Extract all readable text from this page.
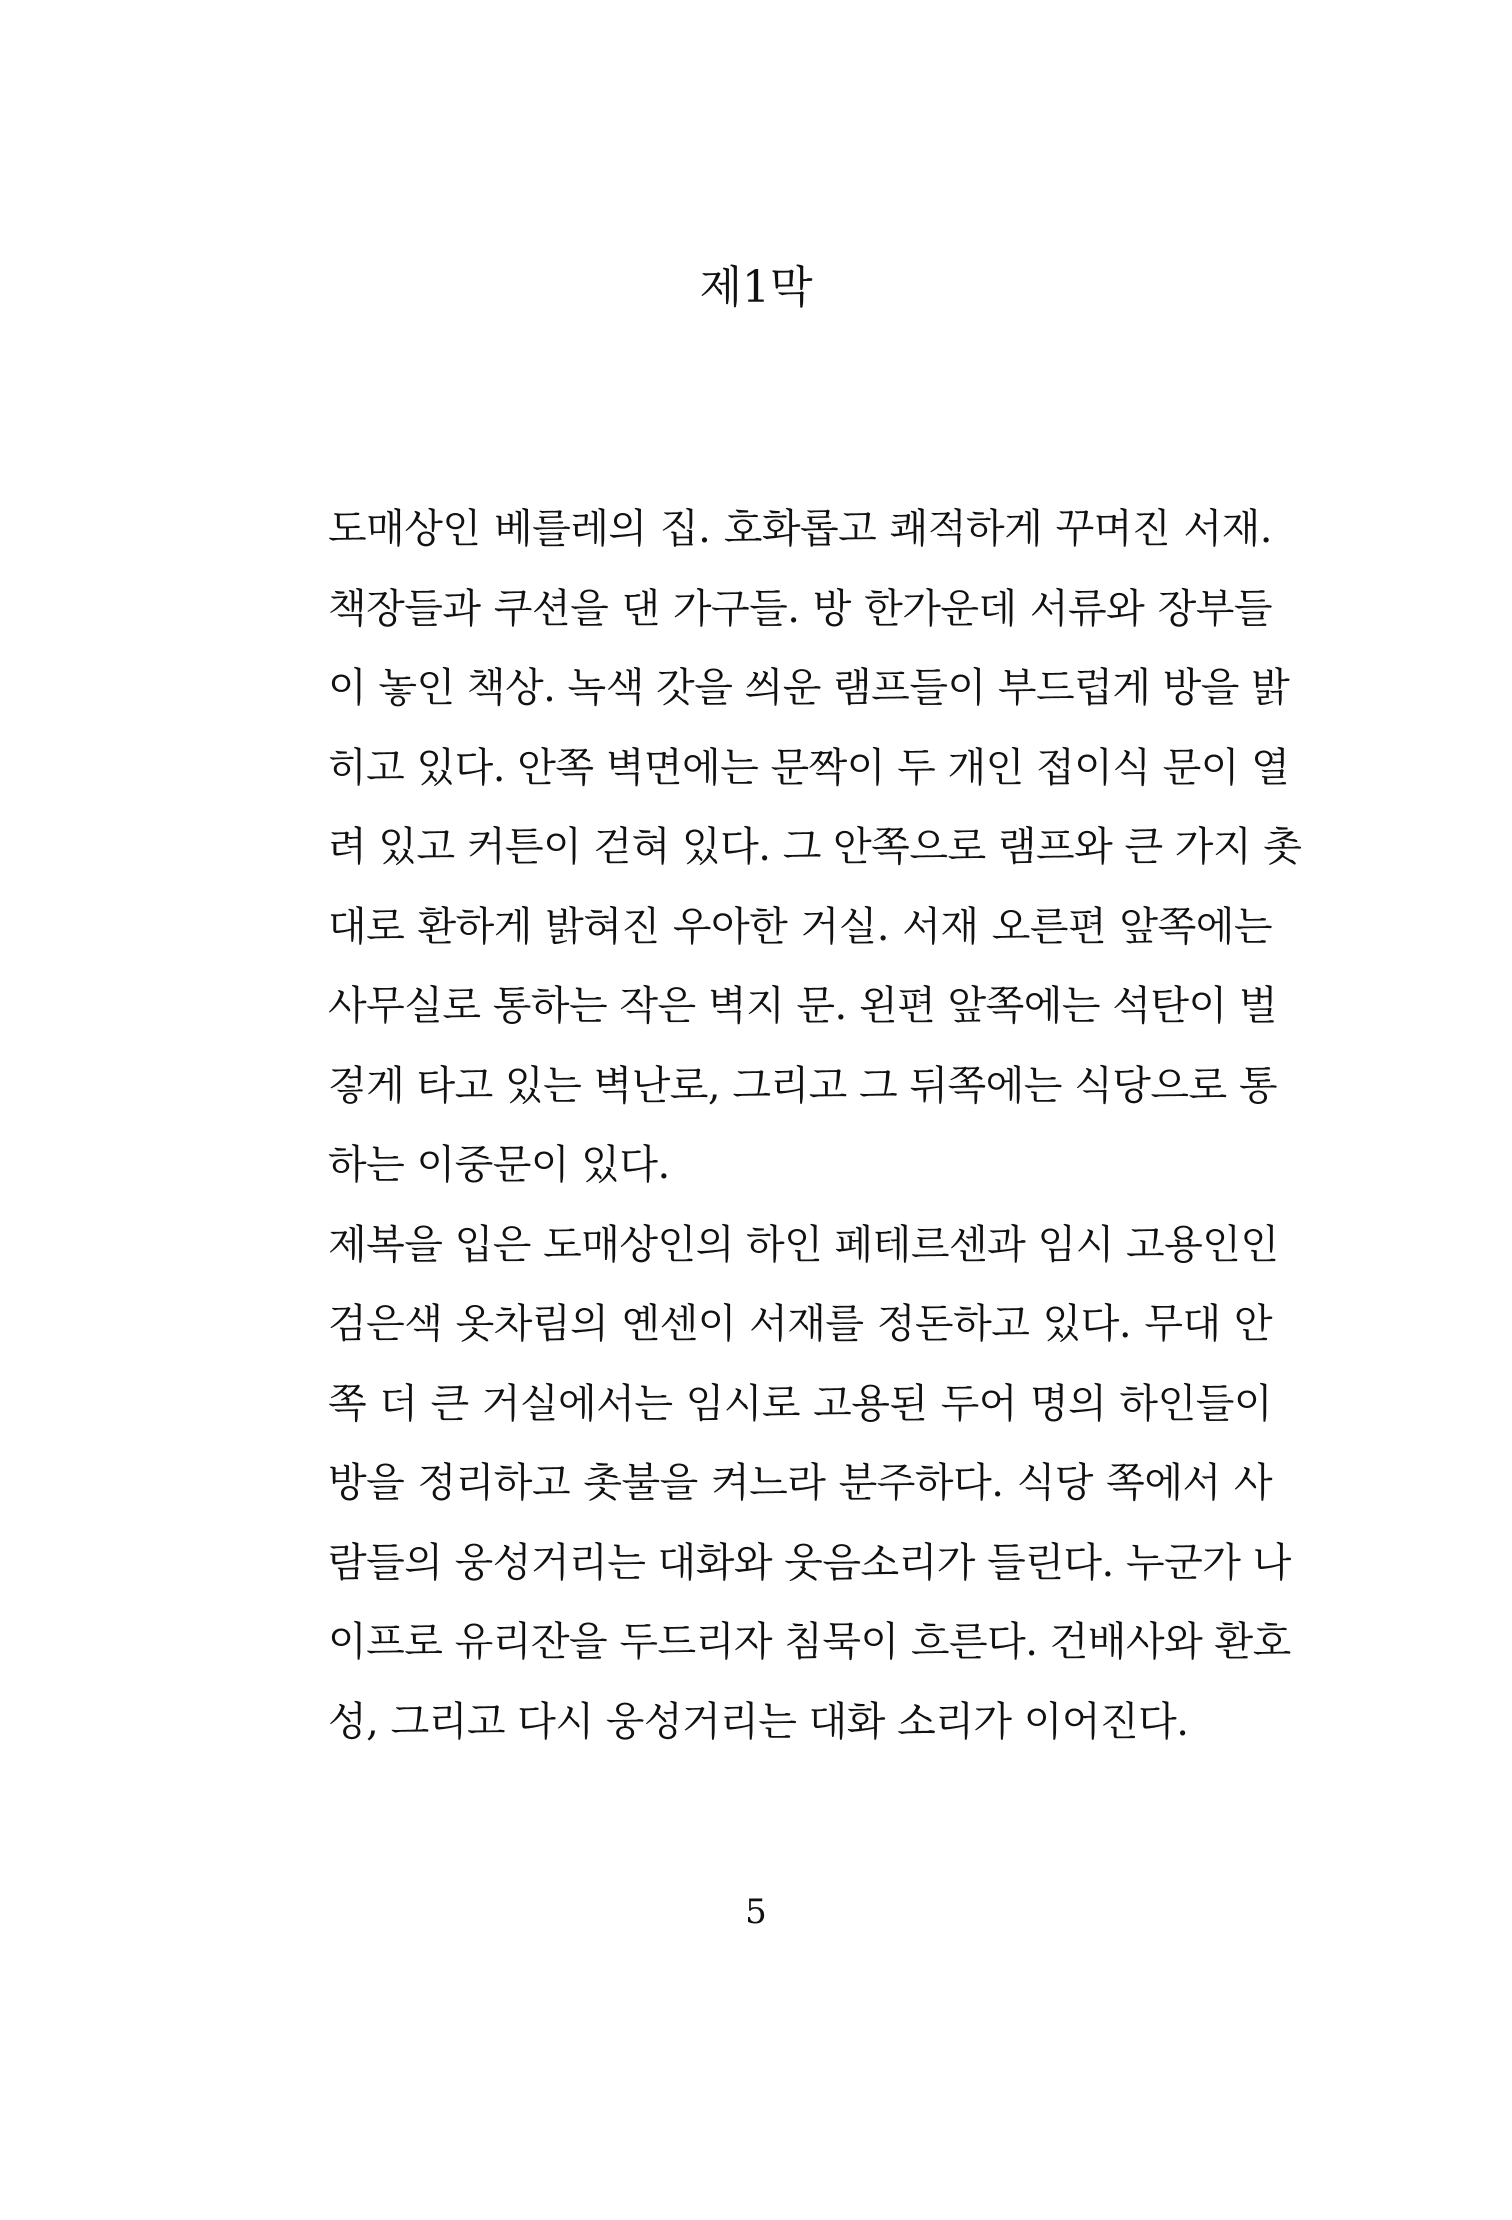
제1막
도매상인 베를레의 집. 호화롭고 쾌적하게 꾸며진 서재.
책장들과 쿠션을 댄 가구들. 방 한가운데 서류와 장부들
이 놓인 책상. 녹색 갓을 씌운 램프들이 부드럽게 방을 밝
히고 있다. 안쪽 벽면에는 문짝이 두 개인 접이식 문이 열
려 있고 커튼이 걷혀 있다. 그 안쪽으로 램프와 큰 가지 촛
대로 환하게 밝혀진 우아한 거실. 서재 오른편 앞쪽에는
사무실로 통하는 작은 벽지 문. 왼편 앞쪽에는 석탄이 벌
겋게 타고 있는 벽난로, 그리고 그 뒤쪽에는 식당으로 통
하는 이중문이 있다.
제복을 입은 도매상인의 하인 페테르센과 임시 고용인인
검은색 옷차림의 옌센이 서재를 정돈하고 있다. 무대 안
쪽 더 큰 거실에서는 임시로 고용된 두어 명의 하인들이
방을 정리하고 촛불을 켜느라 분주하다. 식당 쪽에서 사
람들의 웅성거리는 대화와 웃음소리가 들린다. 누군가 나
이프로 유리잔을 두드리자 침묵이 흐른다. 건배사와 환호
성, 그리고 다시 웅성거리는 대화 소리가 이어진다.
5
